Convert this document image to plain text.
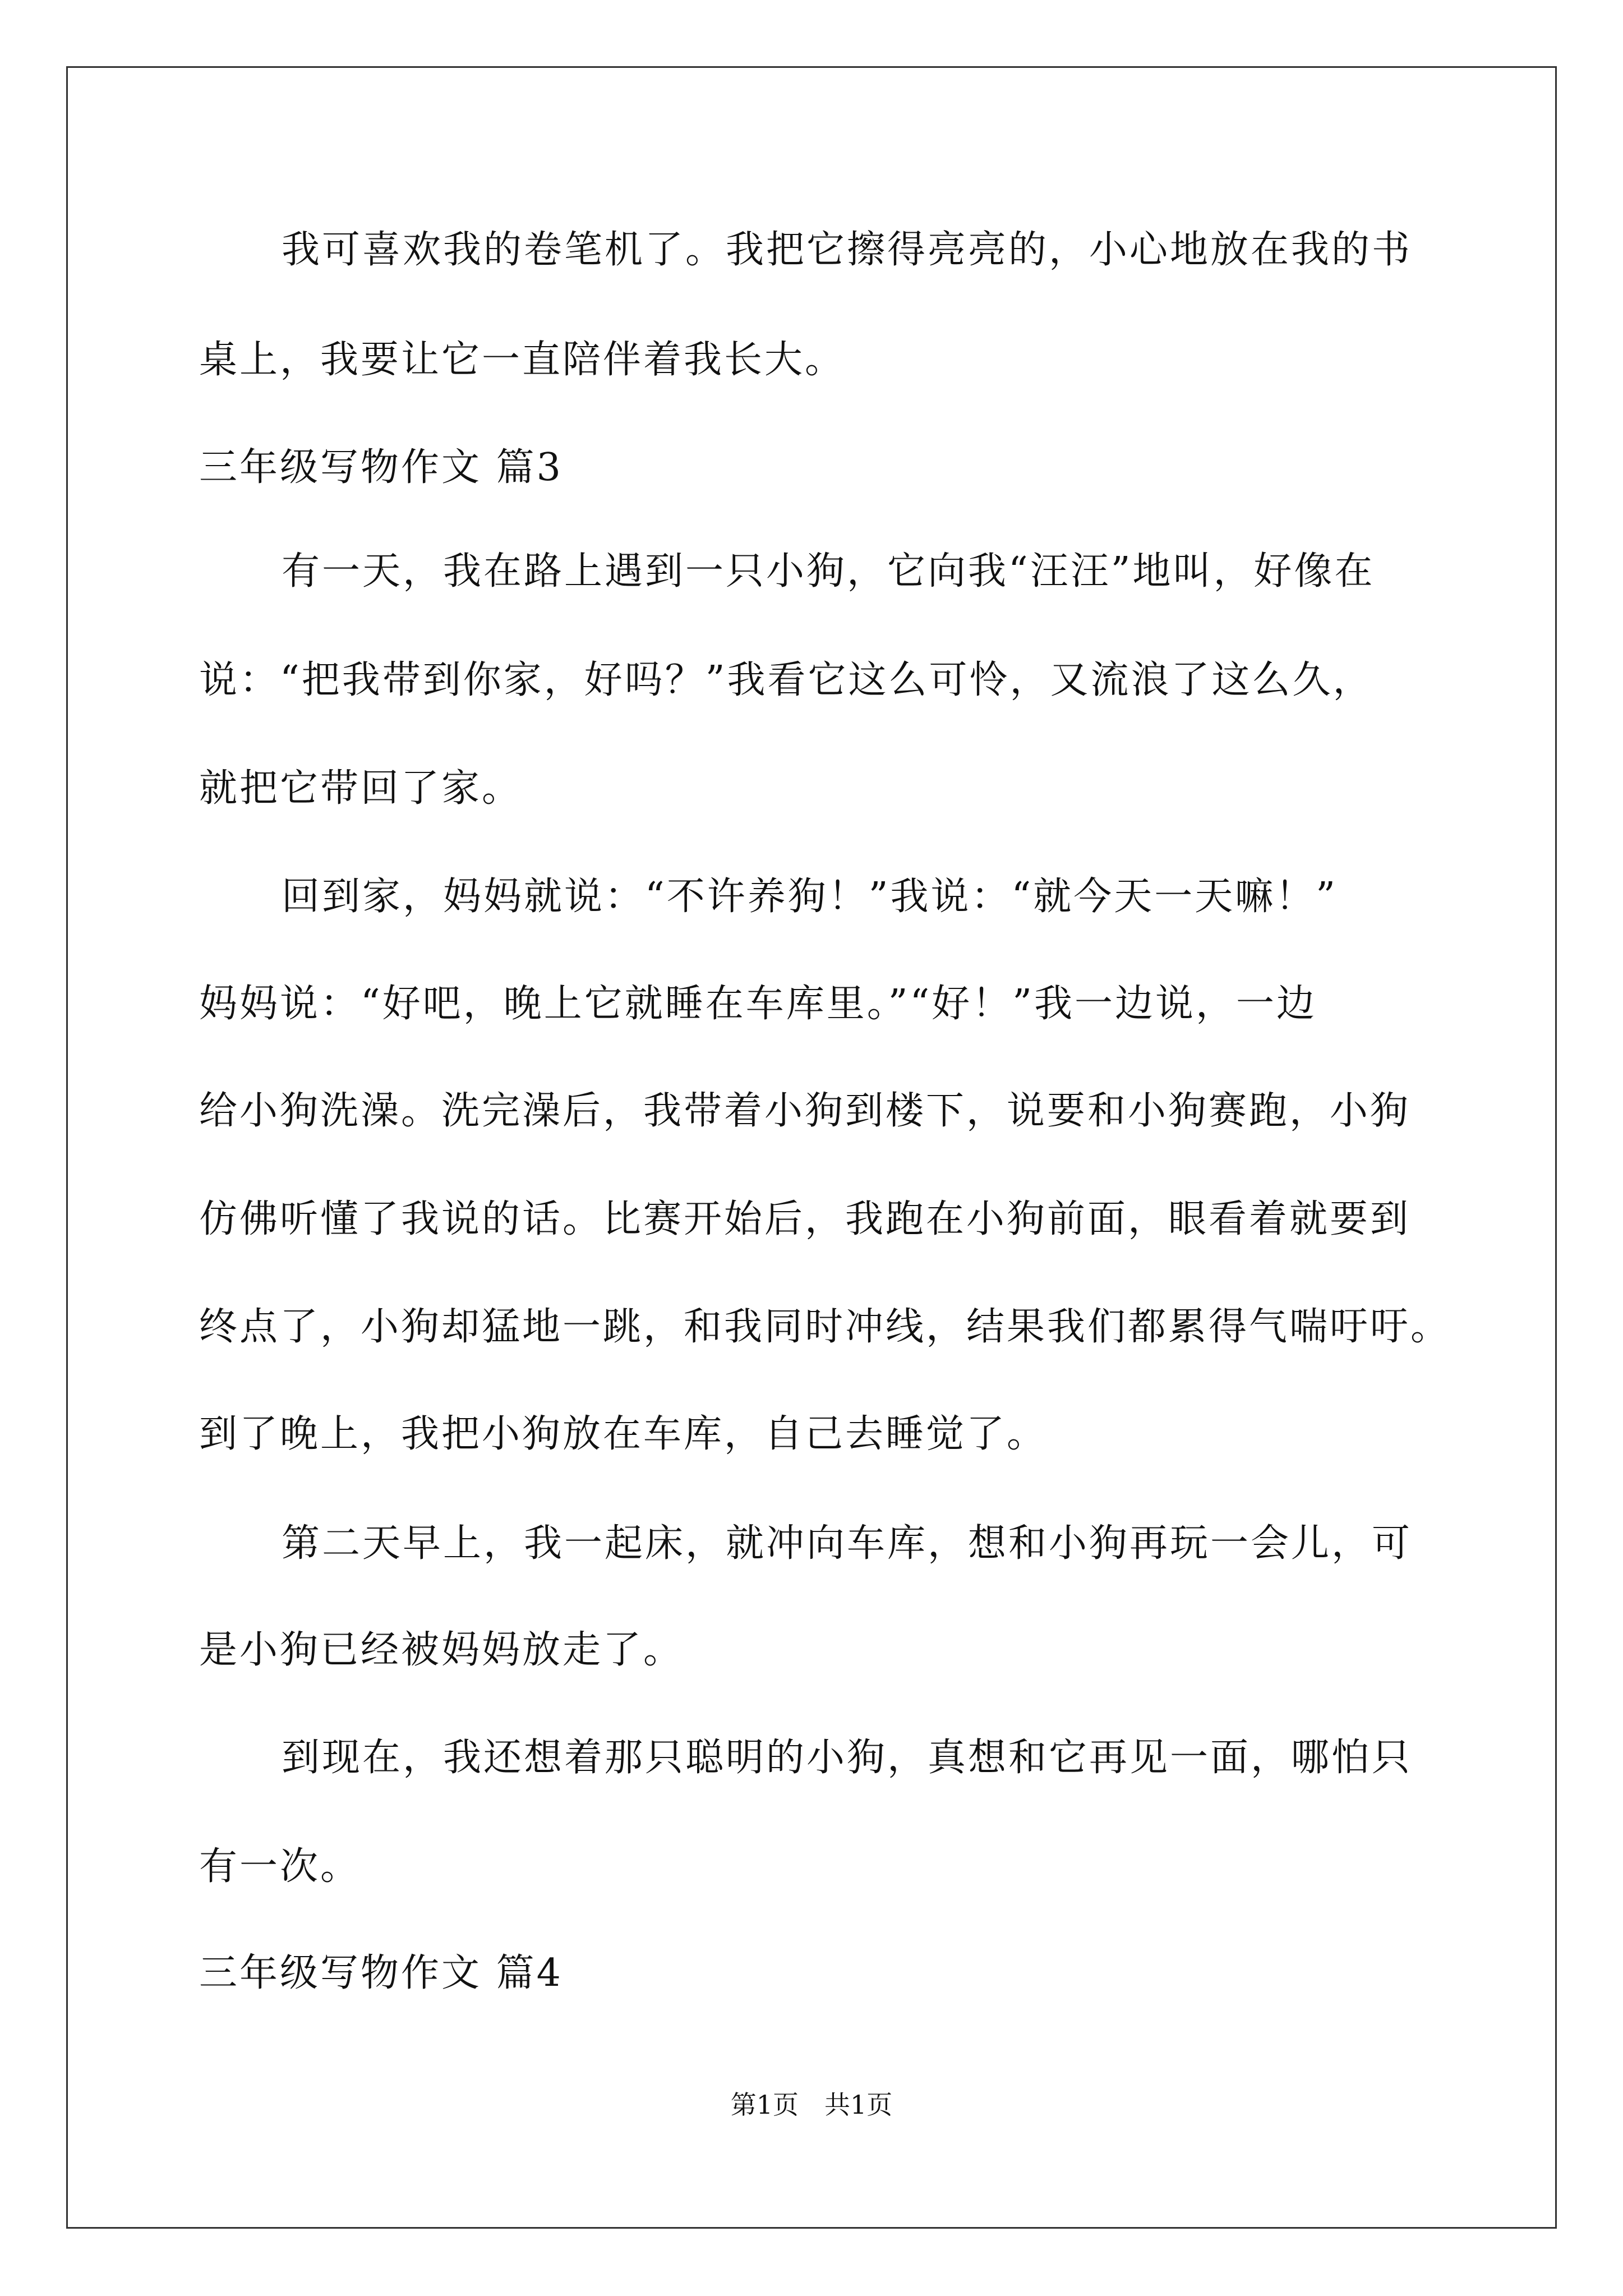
我可喜欢我的卷笔机了。我把它擦得亮亮的，小心地放在我的书
桌上，我要让它一直陪伴着我长大。
三年级写物作文 篇3
有一天，我在路上遇到一只小狗，它向我“汪汪”地叫，好像在
说：“把我带到你家，好吗？”我看它这么可怜，又流浪了这么久，
就把它带回了家。
回到家，妈妈就说：“不许养狗！”我说：“就今天一天嘛！”
妈妈说：“好吧，晚上它就睡在车库里。”“好！”我一边说，一边
给小狗洗澡。洗完澡后，我带着小狗到楼下，说要和小狗赛跑，小狗
仿佛听懂了我说的话。比赛开始后，我跑在小狗前面，眼看着就要到
终点了，小狗却猛地一跳，和我同时冲线，结果我们都累得气喘吁吁。
到了晚上，我把小狗放在车库，自己去睡觉了。
第二天早上，我一起床，就冲向车库，想和小狗再玩一会儿，可
是小狗已经被妈妈放走了。
到现在，我还想着那只聪明的小狗，真想和它再见一面，哪怕只
有一次。
三年级写物作文 篇4
第1页　共1页
